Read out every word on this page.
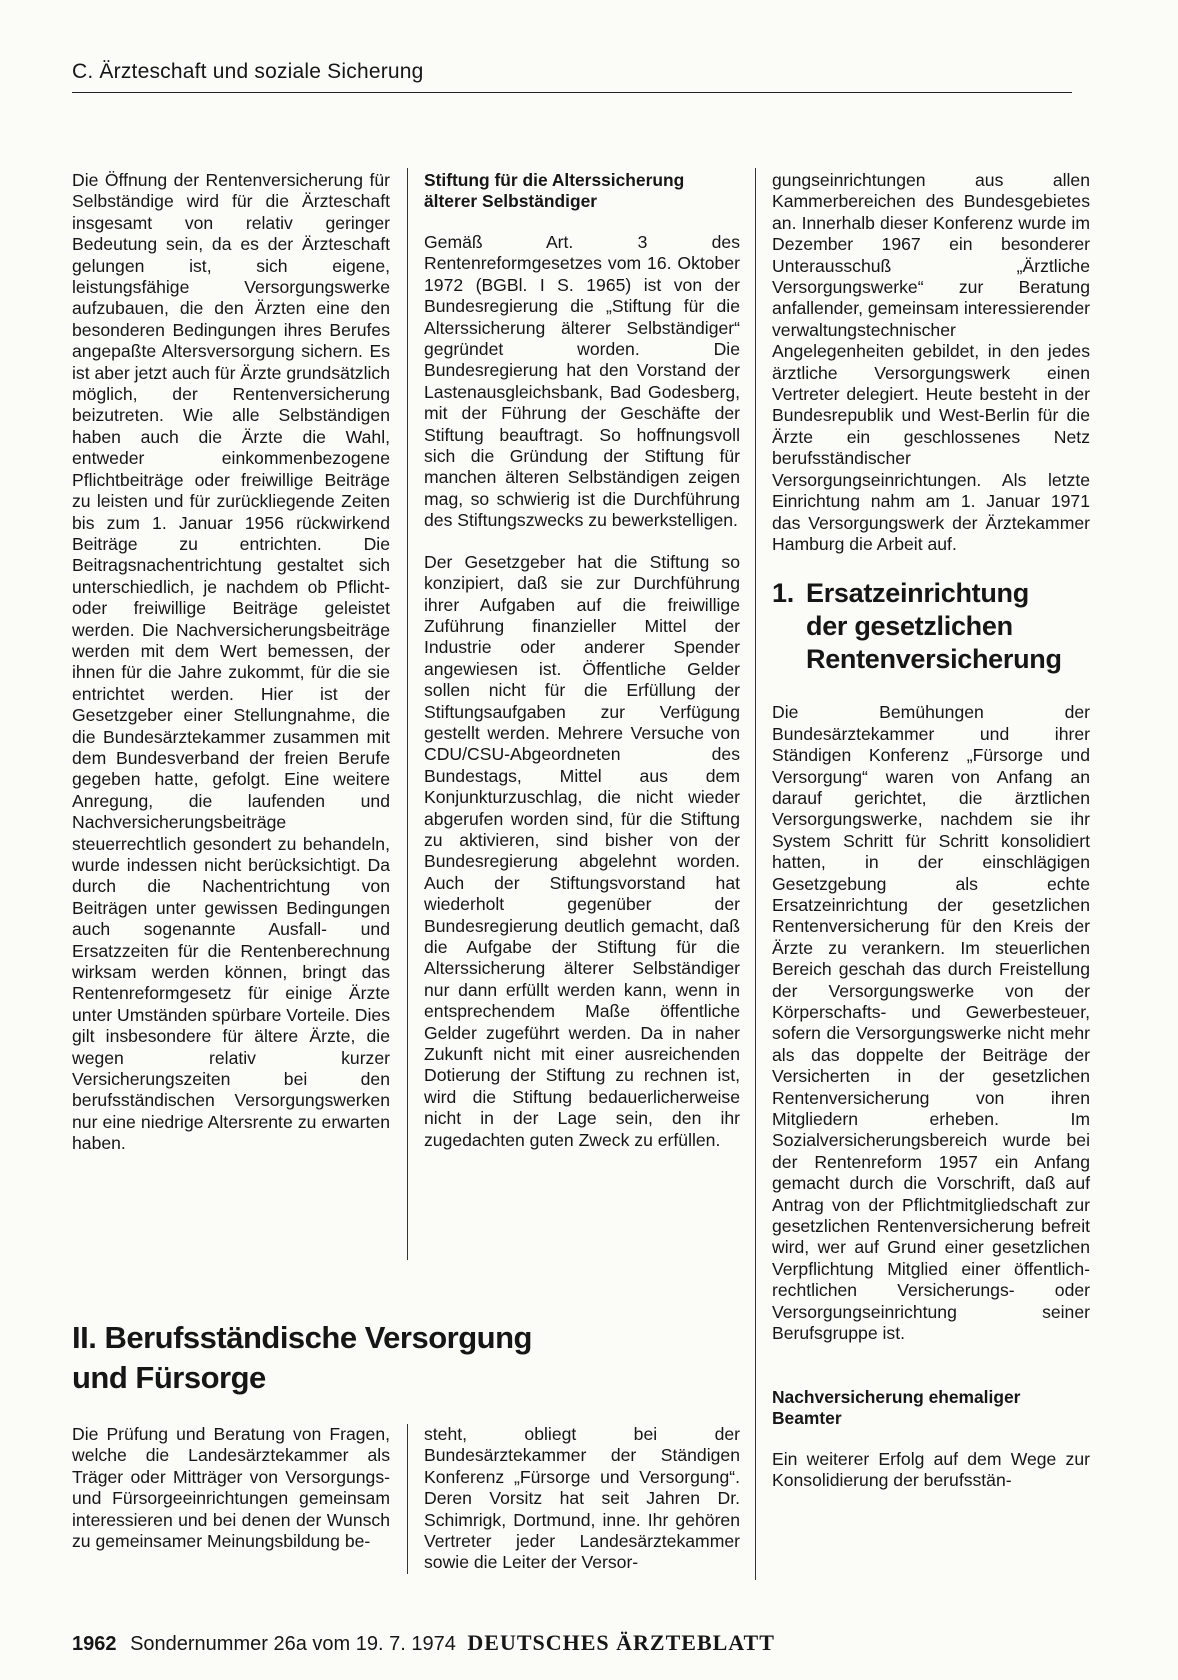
C. Ärzteschaft und soziale Sicherung

Die Öffnung der Rentenversicherung für Selbständige wird für die Ärzteschaft insgesamt von relativ geringer Bedeutung sein, da es der Ärzteschaft gelungen ist, sich eigene, leistungsfähige Versorgungswerke aufzubauen, die den Ärzten eine den besonderen Bedingungen ihres Berufes angepaßte Altersversorgung sichern. Es ist aber jetzt auch für Ärzte grundsätzlich möglich, der Rentenversicherung beizutreten. Wie alle Selbständigen haben auch die Ärzte die Wahl, entweder einkommenbezogene Pflichtbeiträge oder freiwillige Beiträge zu leisten und für zurückliegende Zeiten bis zum 1. Januar 1956 rückwirkend Beiträge zu entrichten. Die Beitragsnachentrichtung gestaltet sich unterschiedlich, je nachdem ob Pflicht- oder freiwillige Beiträge geleistet werden. Die Nachversicherungsbeiträge werden mit dem Wert bemessen, der ihnen für die Jahre zukommt, für die sie entrichtet werden. Hier ist der Gesetzgeber einer Stellungnahme, die die Bundesärztekammer zusammen mit dem Bundesverband der freien Berufe gegeben hatte, gefolgt. Eine weitere Anregung, die laufenden und Nachversicherungsbeiträge steuerrechtlich gesondert zu behandeln, wurde indessen nicht berücksichtigt. Da durch die Nachentrichtung von Beiträgen unter gewissen Bedingungen auch sogenannte Ausfall- und Ersatzzeiten für die Rentenberechnung wirksam werden können, bringt das Rentenreformgesetz für einige Ärzte unter Umständen spürbare Vorteile. Dies gilt insbesondere für ältere Ärzte, die wegen relativ kurzer Versicherungszeiten bei den berufsständischen Versorgungswerken nur eine niedrige Altersrente zu erwarten haben.

Stiftung für die Alterssicherung älterer Selbständiger

Gemäß Art. 3 des Rentenreformgesetzes vom 16. Oktober 1972 (BGBl. I S. 1965) ist von der Bundesregierung die „Stiftung für die Alterssicherung älterer Selbständiger“ gegründet worden. Die Bundesregierung hat den Vorstand der Lastenausgleichsbank, Bad Godesberg, mit der Führung der Geschäfte der Stiftung beauftragt. So hoffnungsvoll sich die Gründung der Stiftung für manchen älteren Selbständigen zeigen mag, so schwierig ist die Durchführung des Stiftungszwecks zu bewerkstelligen.

Der Gesetzgeber hat die Stiftung so konzipiert, daß sie zur Durchführung ihrer Aufgaben auf die freiwillige Zuführung finanzieller Mittel der Industrie oder anderer Spender angewiesen ist. Öffentliche Gelder sollen nicht für die Erfüllung der Stiftungsaufgaben zur Verfügung gestellt werden. Mehrere Versuche von CDU/CSU-Abgeordneten des Bundestags, Mittel aus dem Konjunkturzuschlag, die nicht wieder abgerufen worden sind, für die Stiftung zu aktivieren, sind bisher von der Bundesregierung abgelehnt worden. Auch der Stiftungsvorstand hat wiederholt gegenüber der Bundesregierung deutlich gemacht, daß die Aufgabe der Stiftung für die Alterssicherung älterer Selbständiger nur dann erfüllt werden kann, wenn in entsprechendem Maße öffentliche Gelder zugeführt werden. Da in naher Zukunft nicht mit einer ausreichenden Dotierung der Stiftung zu rechnen ist, wird die Stiftung bedauerlicherweise nicht in der Lage sein, den ihr zugedachten guten Zweck zu erfüllen.

gungseinrichtungen aus allen Kammerbereichen des Bundesgebietes an. Innerhalb dieser Konferenz wurde im Dezember 1967 ein besonderer Unterausschuß „Ärztliche Versorgungswerke“ zur Beratung anfallender, gemeinsam interessierender verwaltungstechnischer Angelegenheiten gebildet, in den jedes ärztliche Versorgungswerk einen Vertreter delegiert. Heute besteht in der Bundesrepublik und West-Berlin für die Ärzte ein geschlossenes Netz berufsständischer Versorgungseinrichtungen. Als letzte Einrichtung nahm am 1. Januar 1971 das Versorgungswerk der Ärztekammer Hamburg die Arbeit auf.

1. Ersatzeinrichtung
der gesetzlichen
Rentenversicherung

Die Bemühungen der Bundesärztekammer und ihrer Ständigen Konferenz „Fürsorge und Versorgung“ waren von Anfang an darauf gerichtet, die ärztlichen Versorgungswerke, nachdem sie ihr System Schritt für Schritt konsolidiert hatten, in der einschlägigen Gesetzgebung als echte Ersatzeinrichtung der gesetzlichen Rentenversicherung für den Kreis der Ärzte zu verankern. Im steuerlichen Bereich geschah das durch Freistellung der Versorgungswerke von der Körperschafts- und Gewerbesteuer, sofern die Versorgungswerke nicht mehr als das doppelte der Beiträge der Versicherten in der gesetzlichen Rentenversicherung von ihren Mitgliedern erheben. Im Sozialversicherungsbereich wurde bei der Rentenreform 1957 ein Anfang gemacht durch die Vorschrift, daß auf Antrag von der Pflichtmitgliedschaft zur gesetzlichen Rentenversicherung befreit wird, wer auf Grund einer gesetzlichen Verpflichtung Mitglied einer öffentlich-rechtlichen Versicherungs- oder Versorgungseinrichtung seiner Berufsgruppe ist.

Nachversicherung ehemaliger Beamter

Ein weiterer Erfolg auf dem Wege zur Konsolidierung der berufsstän-

II. Berufsständische Versorgung
und Fürsorge

Die Prüfung und Beratung von Fragen, welche die Landesärztekammer als Träger oder Mitträger von Versorgungs- und Fürsorgeeinrichtungen gemeinsam interessieren und bei denen der Wunsch zu gemeinsamer Meinungsbildung be-

steht, obliegt bei der Bundesärztekammer der Ständigen Konferenz „Fürsorge und Versorgung“. Deren Vorsitz hat seit Jahren Dr. Schimrigk, Dortmund, inne. Ihr gehören Vertreter jeder Landesärztekammer sowie die Leiter der Versor-

1962 Sondernummer 26a vom 19. 7. 1974 DEUTSCHES ÄRZTEBLATT
